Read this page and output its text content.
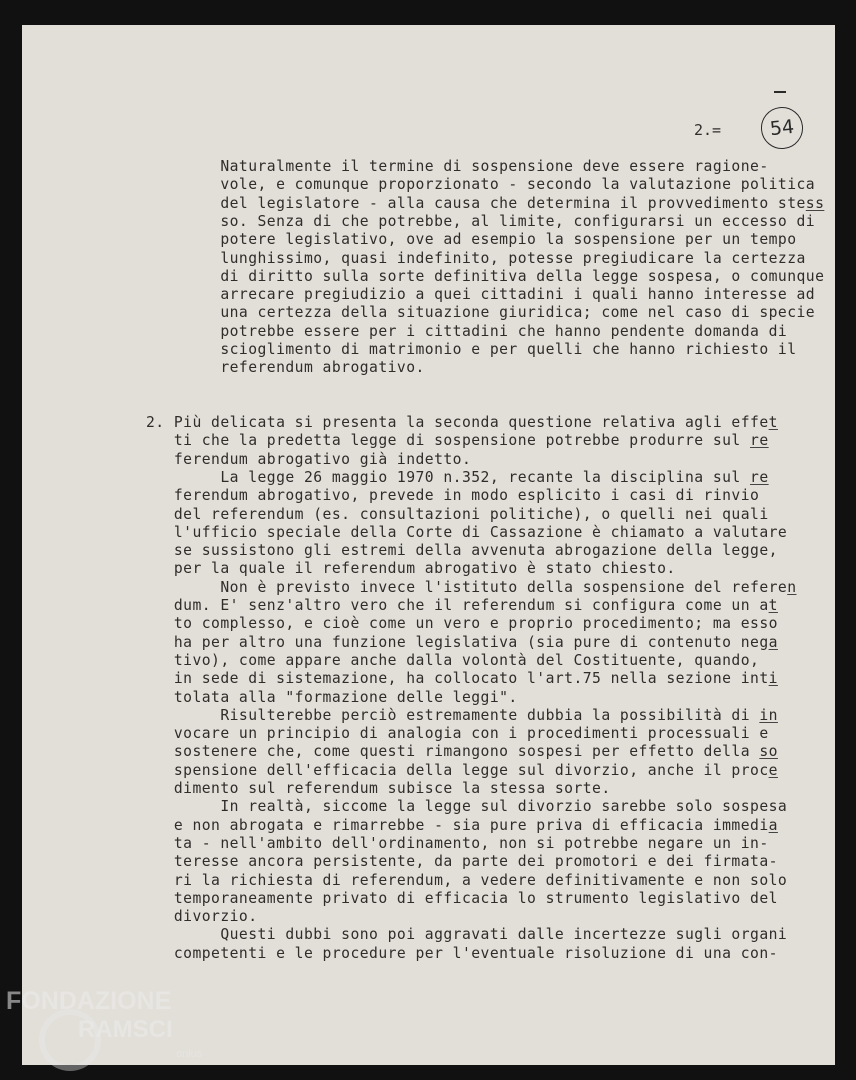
2.=	54
Naturalmente il termine di sospensione deve essere ragione-
vole, e comunque proporzionato - secondo la valutazione politica
del legislatore - alla causa che determina il provvedimento stess
so. Senza di che potrebbe, al limite, configurarsi un eccesso di
potere legislativo, ove ad esempio la sospensione per un tempo
lunghissimo, quasi indefinito, potesse pregiudicare la certezza
di diritto sulla sorte definitiva della legge sospesa, o comunque
arrecare pregiudizio a quei cittadini i quali hanno interesse ad
una certezza della situazione giuridica; come nel caso di specie
potrebbe essere per i cittadini che hanno pendente domanda di
scioglimento di matrimonio e per quelli che hanno richiesto il
referendum abrogativo.
2. Più delicata si presenta la seconda questione relativa agli effet
ti che la predetta legge di sospensione potrebbe produrre sul re
ferendum abrogativo già indetto.
La legge 26 maggio 1970 n.352, recante la disciplina sul re
ferendum abrogativo, prevede in modo esplicito i casi di rinvio
del referendum (es. consultazioni politiche), o quelli nei quali
l'ufficio speciale della Corte di Cassazione è chiamato a valutare
se sussistono gli estremi della avvenuta abrogazione della legge,
per la quale il referendum abrogativo è stato chiesto.
Non è previsto invece l'istituto della sospensione del referen
dum. E' senz'altro vero che il referendum si configura come un at
to complesso, e cioè come un vero e proprio procedimento; ma esso
ha per altro una funzione legislativa (sia pure di contenuto nega
tivo), come appare anche dalla volontà del Costituente, quando,
in sede di sistemazione, ha collocato l'art.75 nella sezione inti
tolata alla "formazione delle leggi".
Risulterebbe perciò estremamente dubbia la possibilità di in
vocare un principio di analogia con i procedimenti processuali e
sostenere che, come questi rimangono sospesi per effetto della so
spensione dell'efficacia della legge sul divorzio, anche il proce
dimento sul referendum subisce la stessa sorte.
In realtà, siccome la legge sul divorzio sarebbe solo sospesa
e non abrogata e rimarrebbe - sia pure priva di efficacia immedia
ta - nell'ambito dell'ordinamento, non si potrebbe negare un in-
teresse ancora persistente, da parte dei promotori e dei firmata-
ri la richiesta di referendum, a vedere definitivamente e non solo
temporaneamente privato di efficacia lo strumento legislativo del
divorzio.
Questi dubbi sono poi aggravati dalle incertezze sugli organi
competenti e le procedure per l'eventuale risoluzione di una con-
FONDAZIONE
RAMSCI
onlus
